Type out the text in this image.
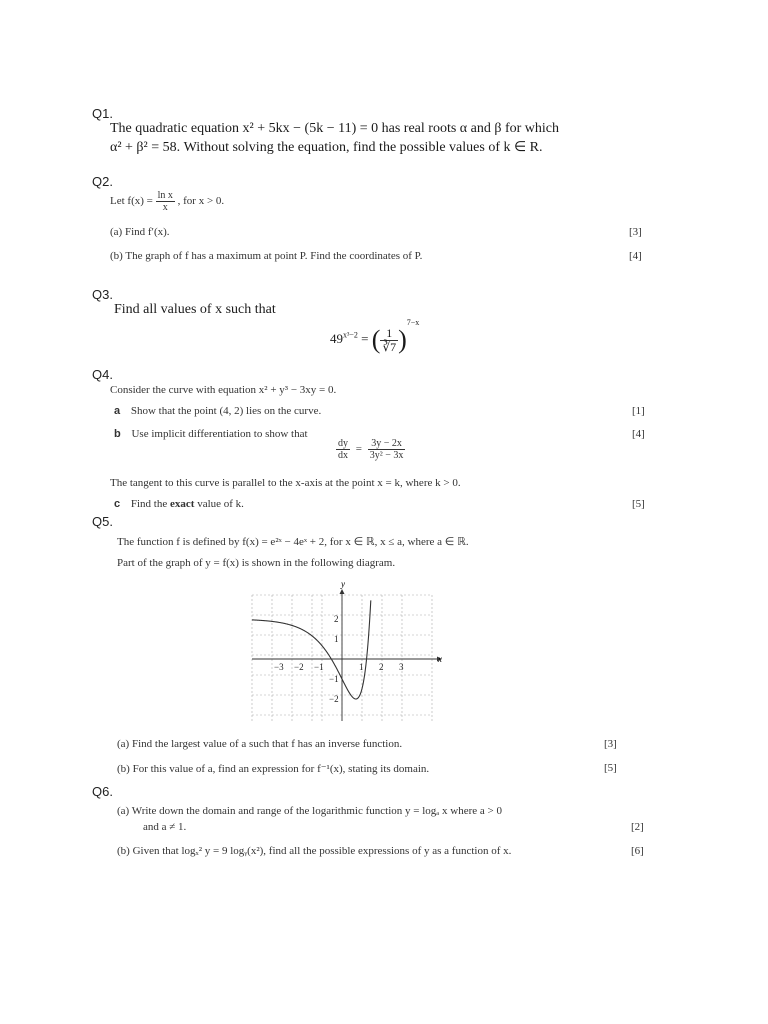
Q1.
The quadratic equation x² + 5kx − (5k − 11) = 0 has real roots α and β for which
α² + β² = 58. Without solving the equation, find the possible values of k ∈ R.
Q2.
Let $f(x) = \frac{\text{ln x}}{x}$ , for x > 0.
(a) Find f′(x).	[3]
(b) The graph of f has a maximum at point P. Find the coordinates of P.	[4]
Q3.
Find all values of x such that
$49^{x^3-2}$ = ( $\frac{1}{∛7} )^{7-x}$
Q4.
Consider the curve with equation x² + y³ − 3xy = 0.
a Show that the point (4, 2) lies on the curve.	[1]
b Use implicit differentiation to show that	[4]
$\frac{dy}{dx} = \frac{3y - 2x}{\text{3y² − 3x}}$
The tangent to this curve is parallel to the x-axis at the point x = k, where k > 0.
c Find the exact value of k.	[5]
Q5.
The function f is defined by f(x) = e²ˣ − 4eˣ + 2, for x ∈ ℝ, x ≤ a, where a ∈ ℝ.
Part of the graph of y = f(x) is shown in the following diagram.
x
y
−3 −2 −1	1 2 3
2
1
−1
−2
(a) Find the largest value of a such that f has an inverse function.	[3]
(b) For this value of a, find an expression for f⁻¹(x), stating its domain.	[5]
Q6.
(a) Write down the domain and range of the logarithmic function y = logₐ x where a > 0
and a ≠ 1.	[2]
(b) Given that logₓ² y = 9 logᵧ(x²), find all the possible expressions of y as a function of x.	[6]
